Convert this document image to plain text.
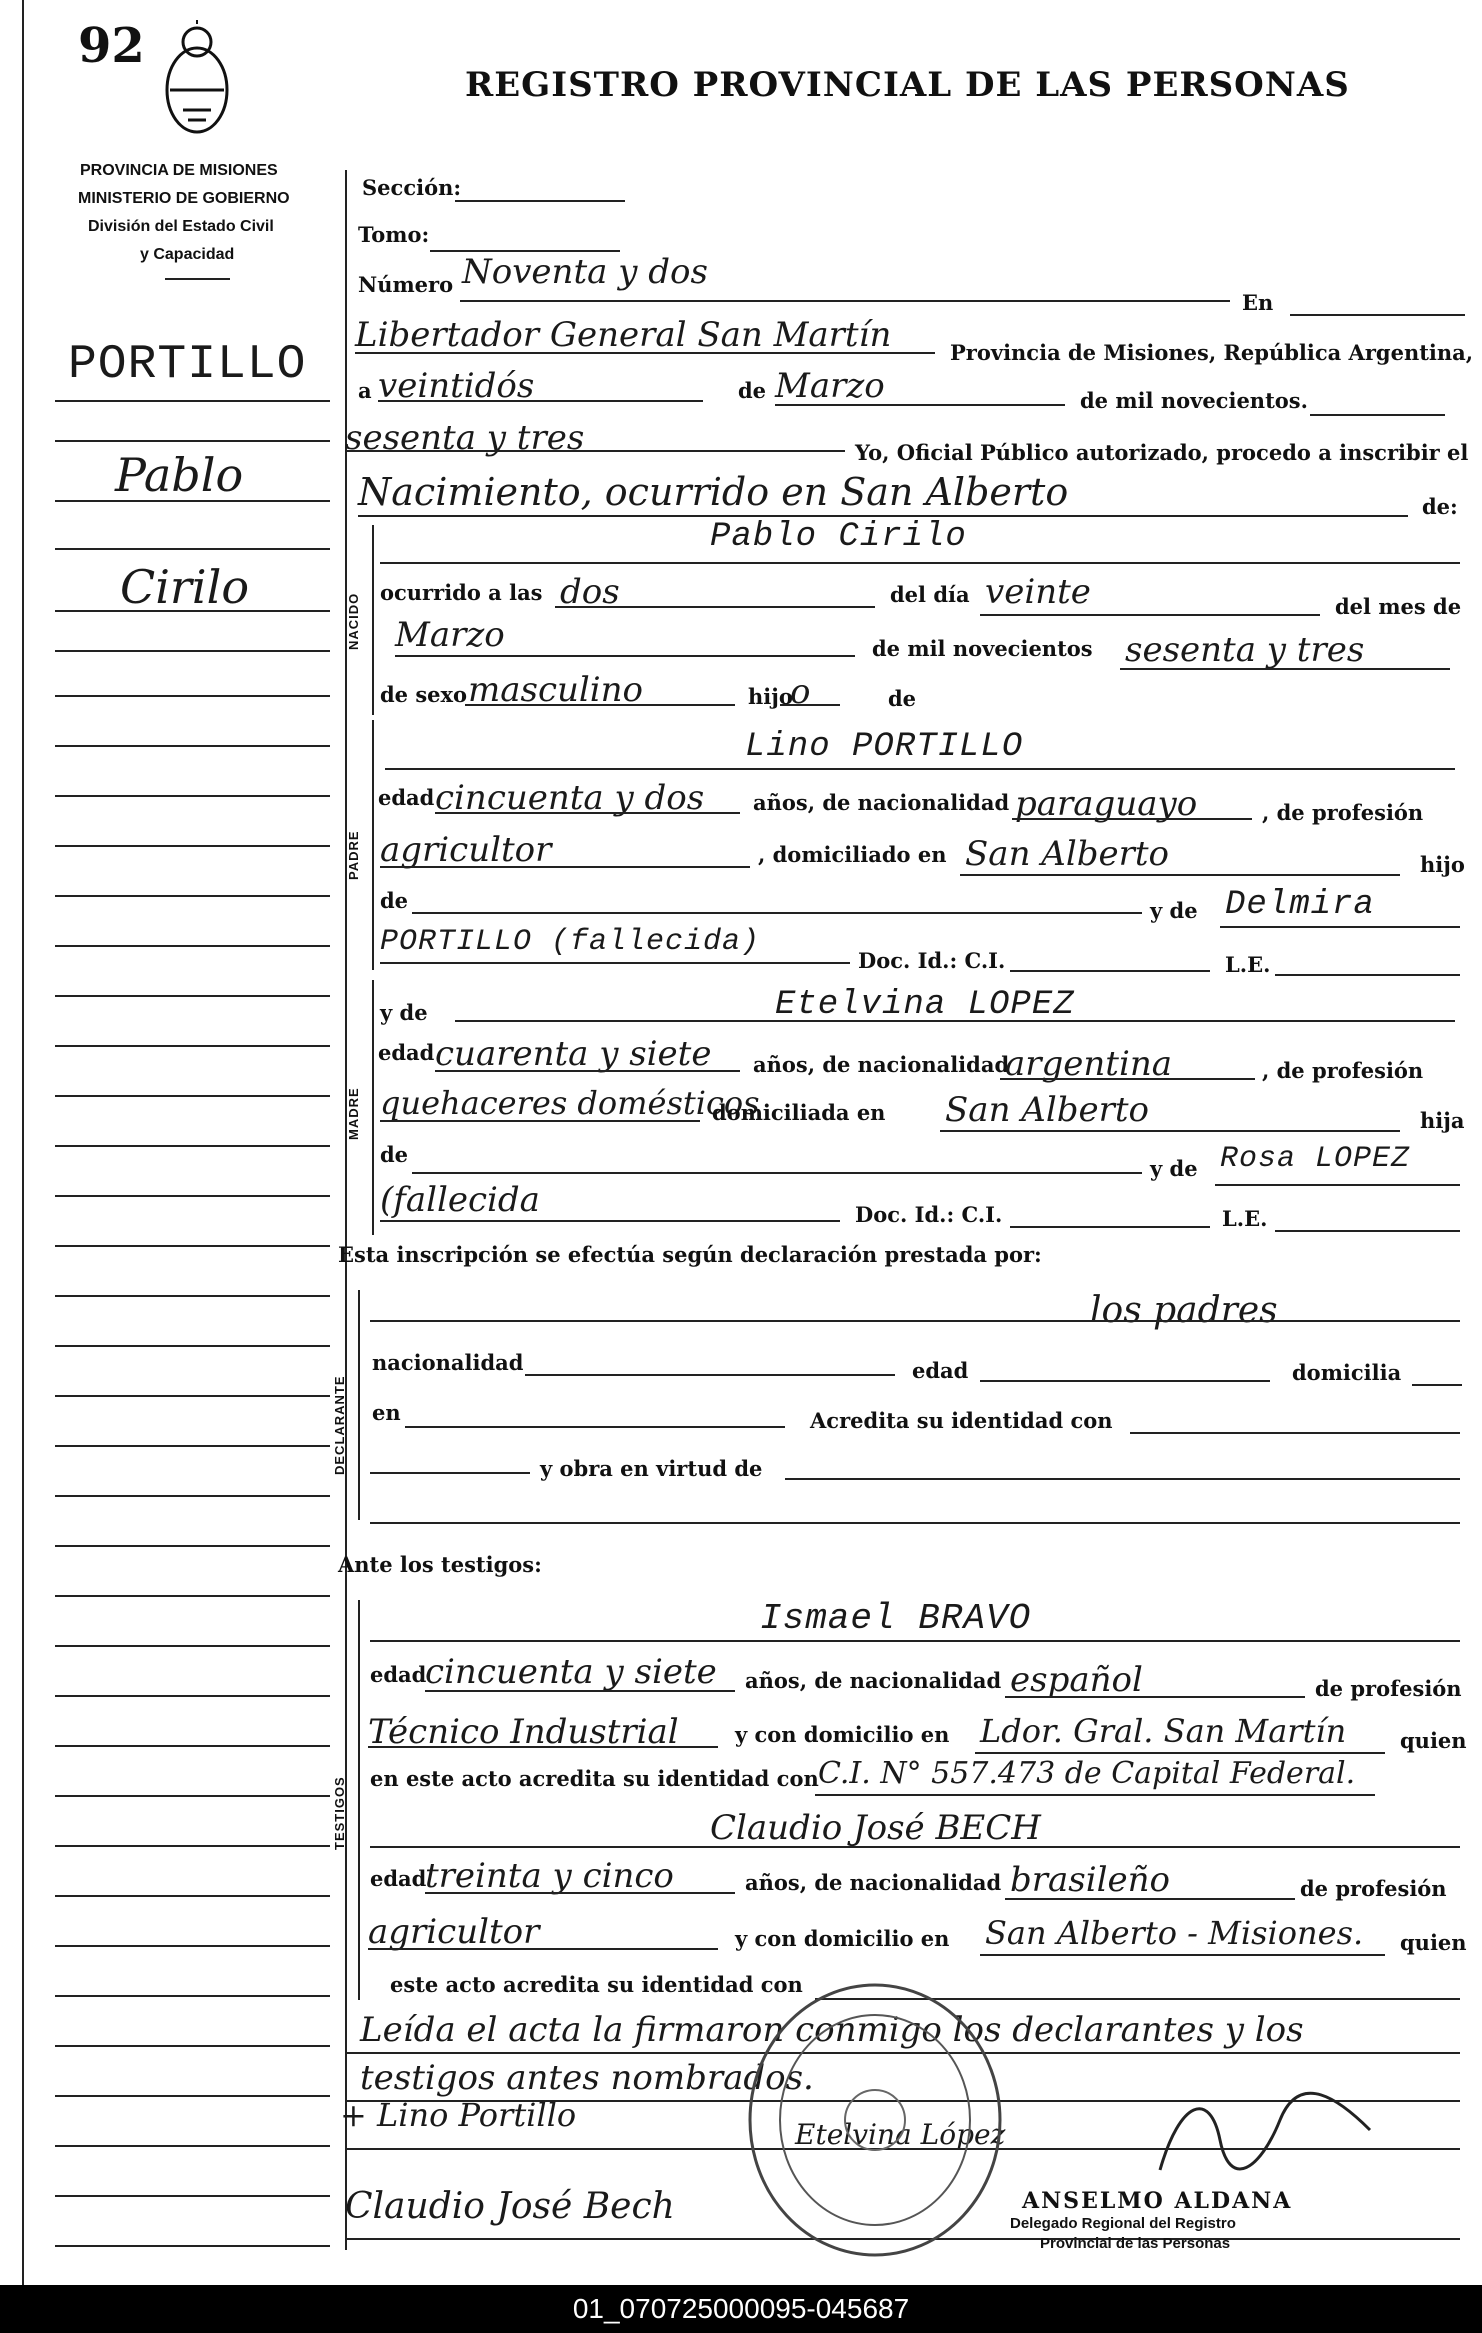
92
REGISTRO PROVINCIAL DE LAS PERSONAS
PROVINCIA DE MISIONES
MINISTERIO DE GOBIERNO
División del Estado Civil
y Capacidad
PORTILLO
Pablo
Cirilo
Sección:
Tomo:
Número Noventa y dos
En
Libertador General San Martín	Provincia de Misiones, República Argentina,
a veintidós	de Marzo	de mil novecientos.
sesenta y tres	Yo, Oficial Público autorizado, procedo a inscribir el
Nacimiento, ocurrido en San Alberto	de:
NACIDO
Pablo Cirilo
ocurrido a las dos	del día veinte	del mes de
Marzo	de mil novecientos sesenta y tres
de sexo masculino	hijo
o	de
PADRE
Lino PORTILLO
edad cincuenta y dos años, de nacionalidad paraguayo	, de profesión
agricultor	, domiciliado en San Alberto	hijo
de	y de Delmira
PORTILLO (fallecida)
Doc. Id.: C.I.	L.E.
MADRE
y de	Etelvina LOPEZ
edad cuarenta y siete años, de nacionalidad
argentina	, de profesión
quehaceres domésticos
domiciliada en San Alberto	hija
de
y de Rosa LOPEZ
(fallecida	Doc. Id.: C.I.	L.E.
Esta inscripción se efectúa según declaración prestada por:
DECLARANTE
los padres
nacionalidad	edad	domicilia
en	Acredita su identidad con
y obra en virtud de
Ante los testigos:
TESTIGOS
Ismael BRAVO
edad
cincuenta y siete años, de nacionalidad español	de profesión
Técnico Industrial	y con domicilio en Ldor. Gral. San Martín	quien
en este acto acredita su identidad con C.I. N° 557.473 de Capital Federal.
Claudio José BECH
edad
treinta y cinco	años, de nacionalidad brasileño	de profesión
agricultor	y con domicilio en San Alberto - Misiones. quien
este acto acredita su identidad con
Leída el acta la firmaron conmigo los declarantes y los
testigos antes nombrados.
+ Lino Portillo
Etelvina López
Claudio José Bech	ANSELMO ALDANA
Delegado Regional del Registro
Provincial de las Personas
01_070725000095-045687
